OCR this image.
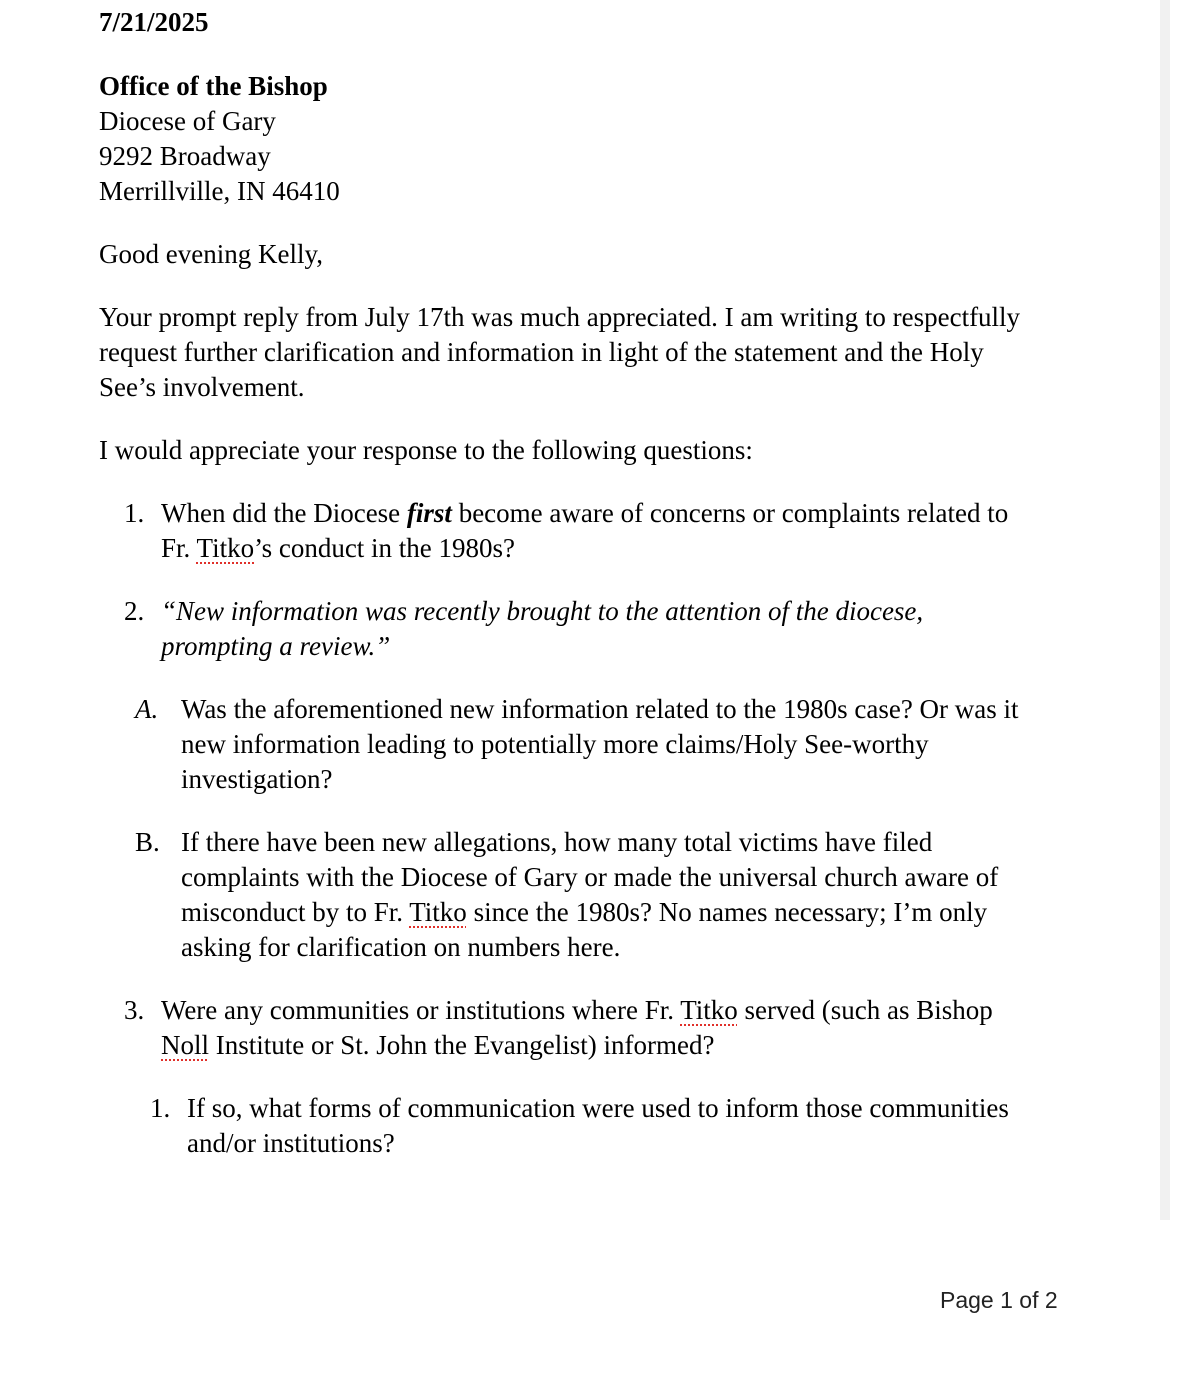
7/21/2025
Office of the Bishop
Diocese of Gary
9292 Broadway
Merrillville, IN 46410
Good evening Kelly,
Your prompt reply from July 17th was much appreciated. I am writing to respectfully
request further clarification and information in light of the statement and the Holy
See’s involvement.
I would appreciate your response to the following questions:
1. When did the Diocese first become aware of concerns or complaints related to
Fr. Titko’s conduct in the 1980s?
2. “New information was recently brought to the attention of the diocese,
prompting a review.”
A. Was the aforementioned new information related to the 1980s case? Or was it
new information leading to potentially more claims/Holy See-worthy
investigation?
B. If there have been new allegations, how many total victims have filed
complaints with the Diocese of Gary or made the universal church aware of
misconduct by to Fr. Titko since the 1980s? No names necessary; I’m only
asking for clarification on numbers here.
3. Were any communities or institutions where Fr. Titko served (such as Bishop
Noll Institute or St. John the Evangelist) informed?
1. If so, what forms of communication were used to inform those communities
and/or institutions?
Page 1 of 2
